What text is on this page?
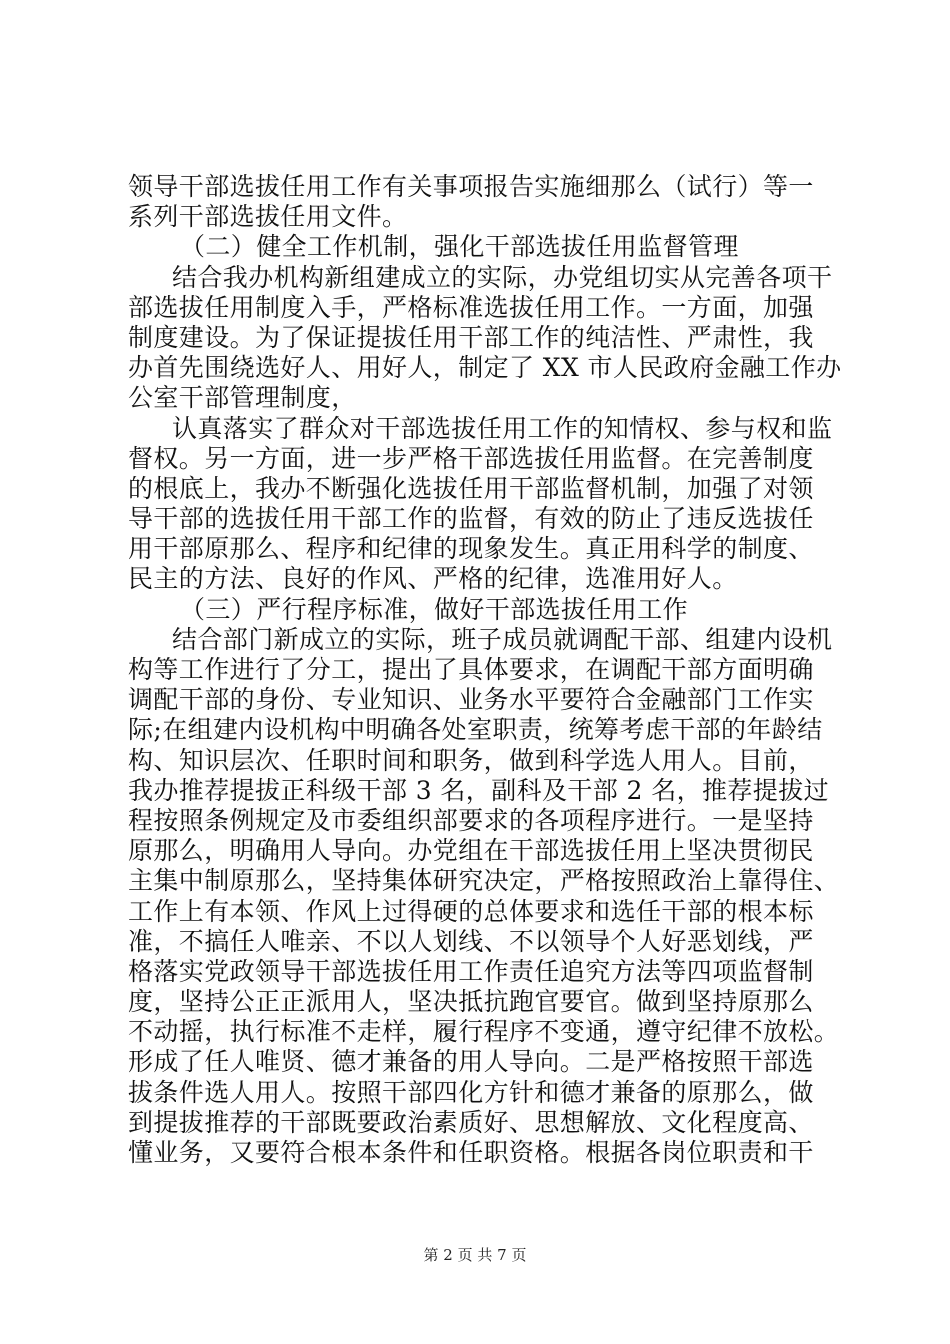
领导干部选拔任用工作有关事项报告实施细那么（试行）等一
系列干部选拔任用文件。
（二）健全工作机制，强化干部选拔任用监督管理
结合我办机构新组建成立的实际，办党组切实从完善各项干
部选拔任用制度入手，严格标准选拔任用工作。一方面，加强
制度建设。为了保证提拔任用干部工作的纯洁性、严肃性，我
办首先围绕选好人、用好人，制定了 XX 市人民政府金融工作办
公室干部管理制度，
认真落实了群众对干部选拔任用工作的知情权、参与权和监
督权。另一方面，进一步严格干部选拔任用监督。在完善制度
的根底上，我办不断强化选拔任用干部监督机制，加强了对领
导干部的选拔任用干部工作的监督，有效的防止了违反选拔任
用干部原那么、程序和纪律的现象发生。真正用科学的制度、
民主的方法、良好的作风、严格的纪律，选准用好人。
（三）严行程序标准，做好干部选拔任用工作
结合部门新成立的实际，班子成员就调配干部、组建内设机
构等工作进行了分工，提出了具体要求，在调配干部方面明确
调配干部的身份、专业知识、业务水平要符合金融部门工作实
际;在组建内设机构中明确各处室职责，统筹考虑干部的年龄结
构、知识层次、任职时间和职务，做到科学选人用人。目前，
我办推荐提拔正科级干部 3 名，副科及干部 2 名，推荐提拔过
程按照条例规定及市委组织部要求的各项程序进行。一是坚持
原那么，明确用人导向。办党组在干部选拔任用上坚决贯彻民
主集中制原那么，坚持集体研究决定，严格按照政治上靠得住、
工作上有本领、作风上过得硬的总体要求和选任干部的根本标
准，不搞任人唯亲、不以人划线、不以领导个人好恶划线，严
格落实党政领导干部选拔任用工作责任追究方法等四项监督制
度，坚持公正正派用人，坚决抵抗跑官要官。做到坚持原那么
不动摇，执行标准不走样，履行程序不变通，遵守纪律不放松。
形成了任人唯贤、德才兼备的用人导向。二是严格按照干部选
拔条件选人用人。按照干部四化方针和德才兼备的原那么，做
到提拔推荐的干部既要政治素质好、思想解放、文化程度高、
懂业务，又要符合根本条件和任职资格。根据各岗位职责和干
第 2 页 共 7 页
